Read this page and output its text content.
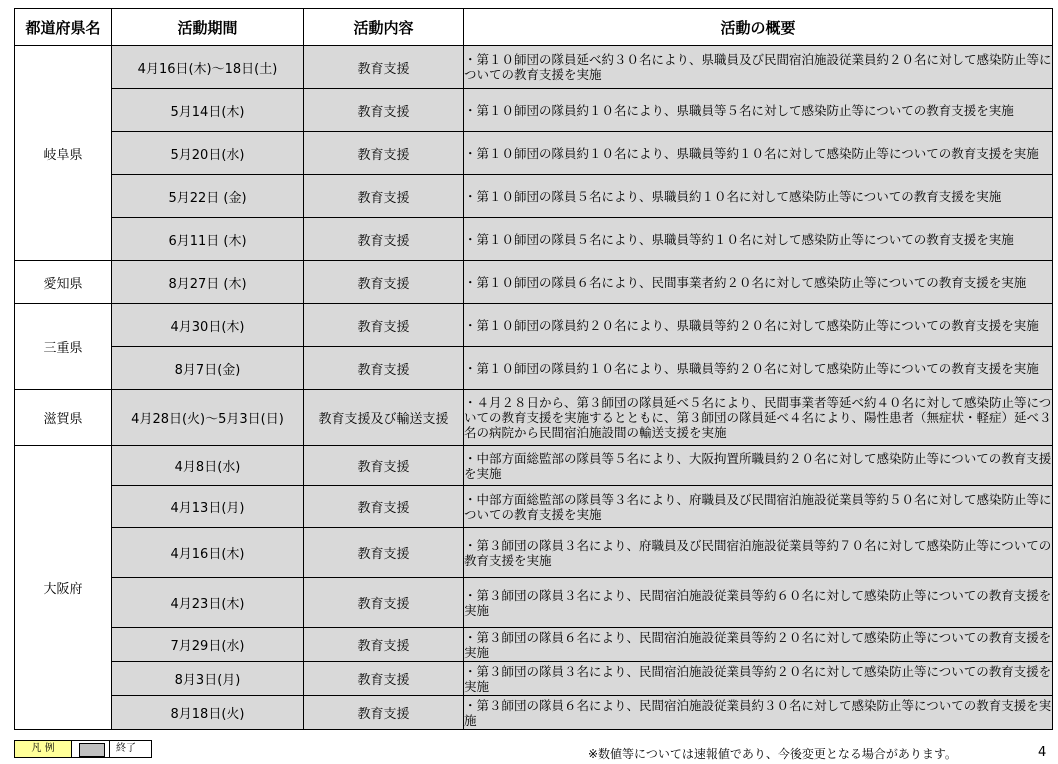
都道府県名	活動期間	活動内容	活動の概要
岐阜県	4月16日(木)～18日(土)	教育支援	・第１０師団の隊員延べ約３０名により、県職員及び民間宿泊施設従業員約２０名に対して感染防止等についての教育支援を実施
	5月14日(木)	教育支援	・第１０師団の隊員約１０名により、県職員等５名に対して感染防止等についての教育支援を実施
	5月20日(水)	教育支援	・第１０師団の隊員約１０名により、県職員等約１０名に対して感染防止等についての教育支援を実施
	5月22日 (金)	教育支援	・第１０師団の隊員５名により、県職員約１０名に対して感染防止等についての教育支援を実施
	6月11日 (木)	教育支援	・第１０師団の隊員５名により、県職員等約１０名に対して感染防止等についての教育支援を実施
愛知県	8月27日 (木)	教育支援	・第１０師団の隊員６名により、民間事業者約２０名に対して感染防止等についての教育支援を実施
三重県	4月30日(木)	教育支援	・第１０師団の隊員約２０名により、県職員等約２０名に対して感染防止等についての教育支援を実施
	8月7日(金)	教育支援	・第１０師団の隊員約１０名により、県職員等約２０名に対して感染防止等についての教育支援を実施
滋賀県	4月28日(火)～5月3日(日)	教育支援及び輸送支援	・４月２８日から、第３師団の隊員延べ５名により、民間事業者等延べ約４０名に対して感染防止等についての教育支援を実施するとともに、第３師団の隊員延べ４名により、陽性患者（無症状・軽症）延べ３名の病院から民間宿泊施設間の輸送支援を実施
大阪府	4月8日(水)	教育支援	・中部方面総監部の隊員等５名により、大阪拘置所職員約２０名に対して感染防止等についての教育支援を実施
	4月13日(月)	教育支援	・中部方面総監部の隊員等３名により、府職員及び民間宿泊施設従業員等約５０名に対して感染防止等についての教育支援を実施
	4月16日(木)	教育支援	・第３師団の隊員３名により、府職員及び民間宿泊施設従業員等約７０名に対して感染防止等についての教育支援を実施
	4月23日(木)	教育支援	・第３師団の隊員３名により、民間宿泊施設従業員等約６０名に対して感染防止等についての教育支援を実施
	7月29日(水)	教育支援	・第３師団の隊員６名により、民間宿泊施設従業員等約２０名に対して感染防止等についての教育支援を実施
	8月3日(月)	教育支援	・第３師団の隊員３名により、民間宿泊施設従業員等約２０名に対して感染防止等についての教育支援を実施
	8月18日(火)	教育支援	・第３師団の隊員６名により、民間宿泊施設従業員約３０名に対して感染防止等についての教育支援を実施
凡 例	終了	※数値等については速報値であり、今後変更となる場合があります。	4
